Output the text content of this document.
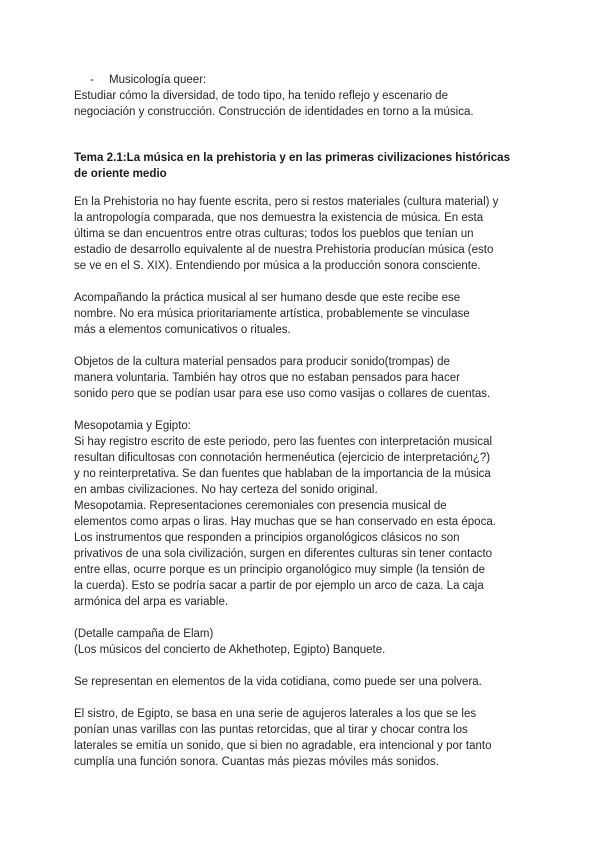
- Musicología queer:
Estudiar cómo la diversidad, de todo tipo, ha tenido reflejo y escenario de
negociación y construcción. Construcción de identidades en torno a la música.
Tema 2.1:La música en la prehistoria y en las primeras civilizaciones históricas
de oriente medio
En la Prehistoria no hay fuente escrita, pero si restos materiales (cultura material) y
la antropología comparada, que nos demuestra la existencia de música. En esta
última se dan encuentros entre otras culturas; todos los pueblos que tenían un
estadio de desarrollo equivalente al de nuestra Prehistoria producían música (esto
se ve en el S. XIX). Entendiendo por música a la producción sonora consciente.
Acompañando la práctica musical al ser humano desde que este recibe ese
nombre. No era música prioritariamente artística, probablemente se vinculase
más a elementos comunicativos o rituales.
Objetos de la cultura material pensados para producir sonido(trompas) de
manera voluntaria. También hay otros que no estaban pensados para hacer
sonido pero que se podían usar para ese uso como vasijas o collares de cuentas.
Mesopotamia y Egipto:
Si hay registro escrito de este periodo, pero las fuentes con interpretación musical
resultan dificultosas con connotación hermenéutica (ejercicio de interpretación¿?)
y no reinterpretativa. Se dan fuentes que hablaban de la importancia de la música
en ambas civilizaciones. No hay certeza del sonido original.
Mesopotamia. Representaciones ceremoniales con presencia musical de
elementos como arpas o liras. Hay muchas que se han conservado en esta época.
Los instrumentos que responden a principios organológicos clásicos no son
privativos de una sola civilización, surgen en diferentes culturas sin tener contacto
entre ellas, ocurre porque es un principio organológico muy simple (la tensión de
la cuerda). Esto se podría sacar a partir de por ejemplo un arco de caza. La caja
armónica del arpa es variable.
(Detalle campaña de Elam)
(Los músicos del concierto de Akhethotep, Egipto) Banquete.
Se representan en elementos de la vida cotidiana, como puede ser una polvera.
El sistro, de Egipto, se basa en una serie de agujeros laterales a los que se les
ponían unas varillas con las puntas retorcidas, que al tirar y chocar contra los
laterales se emitía un sonido, que si bien no agradable, era intencional y por tanto
cumplía una función sonora. Cuantas más piezas móviles más sonidos.
